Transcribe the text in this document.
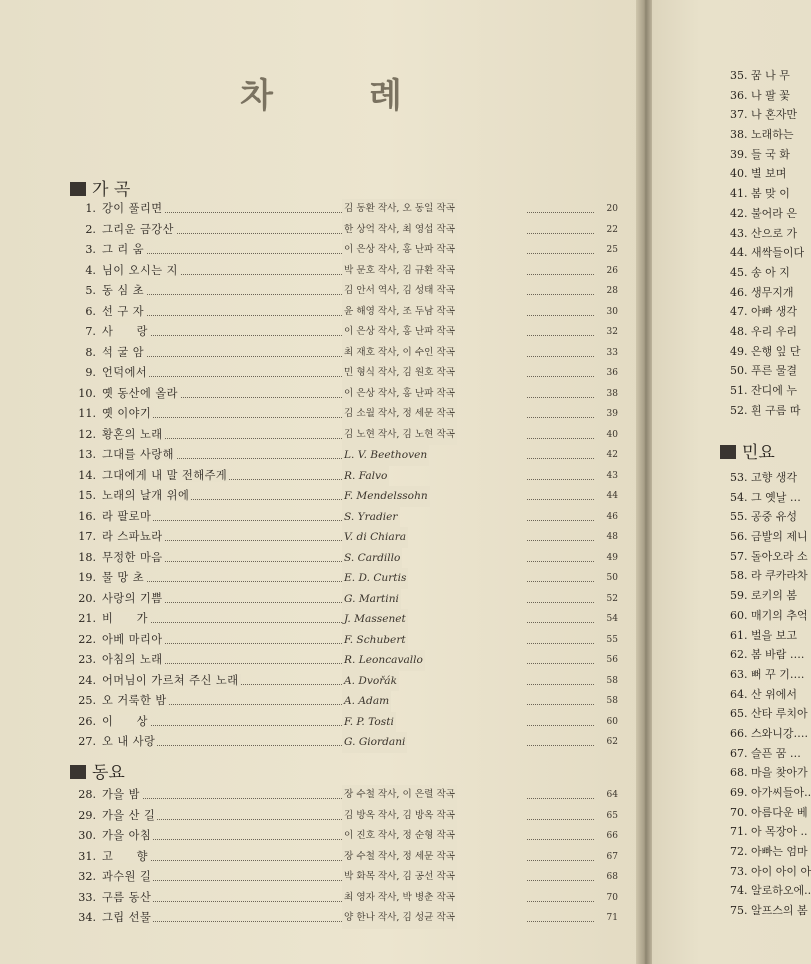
35. 꿈 나 무
36. 나 팔 꽃
37. 나 혼자만
38. 노래하는
39. 들 국 화
40. 별 보며
41. 봄 맞 이
42. 불어라 은
43. 산으로 가
44. 새싹들이다
45. 송 아 지
46. 생무지개
47. 아빠 생각
48. 우리 우리
49. 은행 잎 단
50. 푸른 물결
51. 잔디에 누
52. 흰 구름 따
민요
53. 고향 생각
54. 그 옛날 …
55. 공중 유성
56. 금발의 제니
57. 돌아오라 소
58. 라 쿠카라차
59. 로키의 봄
60. 매기의 추억
61. 벌을 보고
62. 봄 바람 ….
63. 뻐 꾸 기….
64. 산 위에서
65. 산타 루치아
66. 스와니강….
67. 슬픈 꿈 …
68. 마을 찾아가
69. 아가씨들아..
70. 아름다운 베
71. 아 목장아 ..
72. 아빠는 엄마
73. 아이 아이 아
74. 알로하오에..
75. 알프스의 봄
차	례
가 곡
1. 강이 풀리면	김 동환 작사, 오 동일 작곡	20
2. 그리운 금강산	한 상억 작사, 최 영섭 작곡	22
3. 그 리 움	이 은상 작사, 홍 난파 작곡	25
4. 님이 오시는 지	박 문호 작사, 김 규환 작곡	26
5. 동 심 초	김 안서 역사, 김 성태 작곡	28
6. 선 구 자	윤 해영 작사, 조 두남 작곡	30
7. 사　　랑	이 은상 작사, 홍 난파 작곡	32
8. 석 굴 암	최 재호 작사, 이 수인 작곡	33
9. 언덕에서	민 형식 작사, 김 원호 작곡	36
10. 옛 동산에 올라	이 은상 작사, 홍 난파 작곡	38
11. 옛 이야기	김 소월 작사, 정 세문 작곡	39
12. 황혼의 노래	김 노현 작사, 김 노현 작곡	40
13. 그대를 사랑해	L. V. Beethoven	42
14. 그대에게 내 말 전해주게	R. Falvo	43
15. 노래의 날개 위에	F. Mendelssohn	44
16. 라 팔로마	S. Yradier	46
17. 라 스파뇨라	V. di Chiara	48
18. 무정한 마음	S. Cardillo	49
19. 물 망 초	E. D. Curtis	50
20. 사랑의 기쁨	G. Martini	52
21. 비　　가	J. Massenet	54
22. 아베 마리아	F. Schubert	55
23. 아침의 노래	R. Leoncavallo	56
24. 어머님이 가르쳐 주신 노래	A. Dvořák	58
25. 오 거룩한 밤	A. Adam	58
26. 이　　상	F. P. Tosti	60
27. 오 내 사랑	G. Giordani	62
동요
28. 가을 밤	장 수철 작사, 이 은렬 작곡	64
29. 가을 산 길	김 방옥 작사, 김 방옥 작곡	65
30. 가을 아침	이 진호 작사, 정 순형 작곡	66
31. 고　　향	장 수철 작사, 정 세문 작곡	67
32. 과수원 길	박 화목 작사, 김 공선 작곡	68
33. 구름 동산	최 영자 작사, 박 병춘 작곡	70
34. 그립 선물	양 한나 작사, 김 성균 작곡	71
